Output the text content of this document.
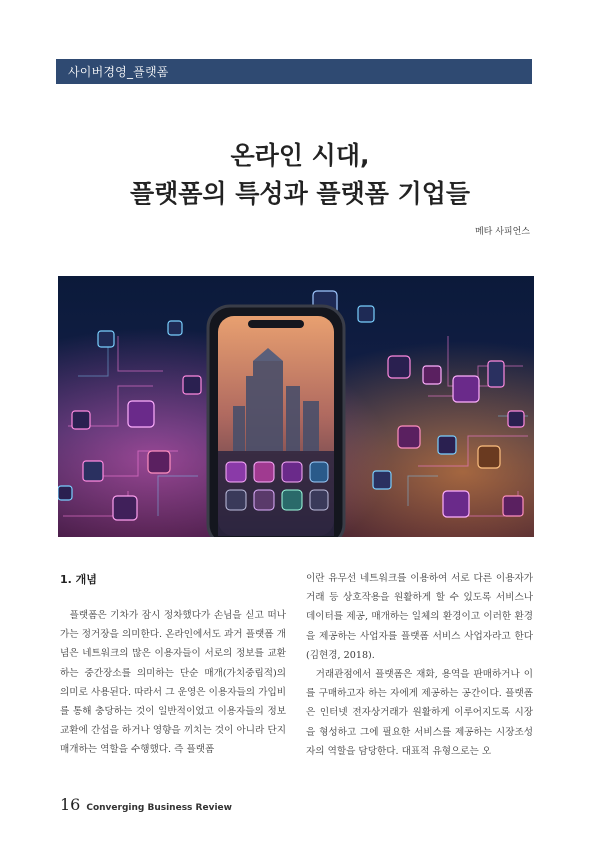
사이버경영_플랫폼
온라인 시대,
플랫폼의 특성과 플랫폼 기업들
메타 사피언스
1. 개념

플랫폼은 기차가 잠시 정차했다가 손님을 싣고 떠나가는 정거장을 의미한다. 온라인에서도 과거 플랫폼 개념은 네트워크의 많은 이용자들이 서로의 정보를 교환하는 중간장소를 의미하는 단순 매개(가치중립적)의 의미로 사용된다. 따라서 그 운영은 이용자들의 가입비를 통해 충당하는 것이 일반적이었고 이용자들의 정보교환에 간섭을 하거나 영향을 끼치는 것이 아니라 단지 매개하는 역할을 수행했다. 즉 플랫폼

이란 유무선 네트워크를 이용하여 서로 다른 이용자가 거래 등 상호작용을 원활하게 할 수 있도록 서비스나 데이터를 제공, 매개하는 일체의 환경이고 이러한 환경을 제공하는 사업자를 플랫폼 서비스 사업자라고 한다(김현경, 2018).

거래관점에서 플랫폼은 재화, 용역을 판매하거나 이를 구매하고자 하는 자에게 제공하는 공간이다. 플랫폼은 인터넷 전자상거래가 원활하게 이루어지도록 시장을 형성하고 그에 필요한 서비스를 제공하는 시장조성자의 역할을 담당한다. 대표적 유형으로는 오

16 Converging Business Review
